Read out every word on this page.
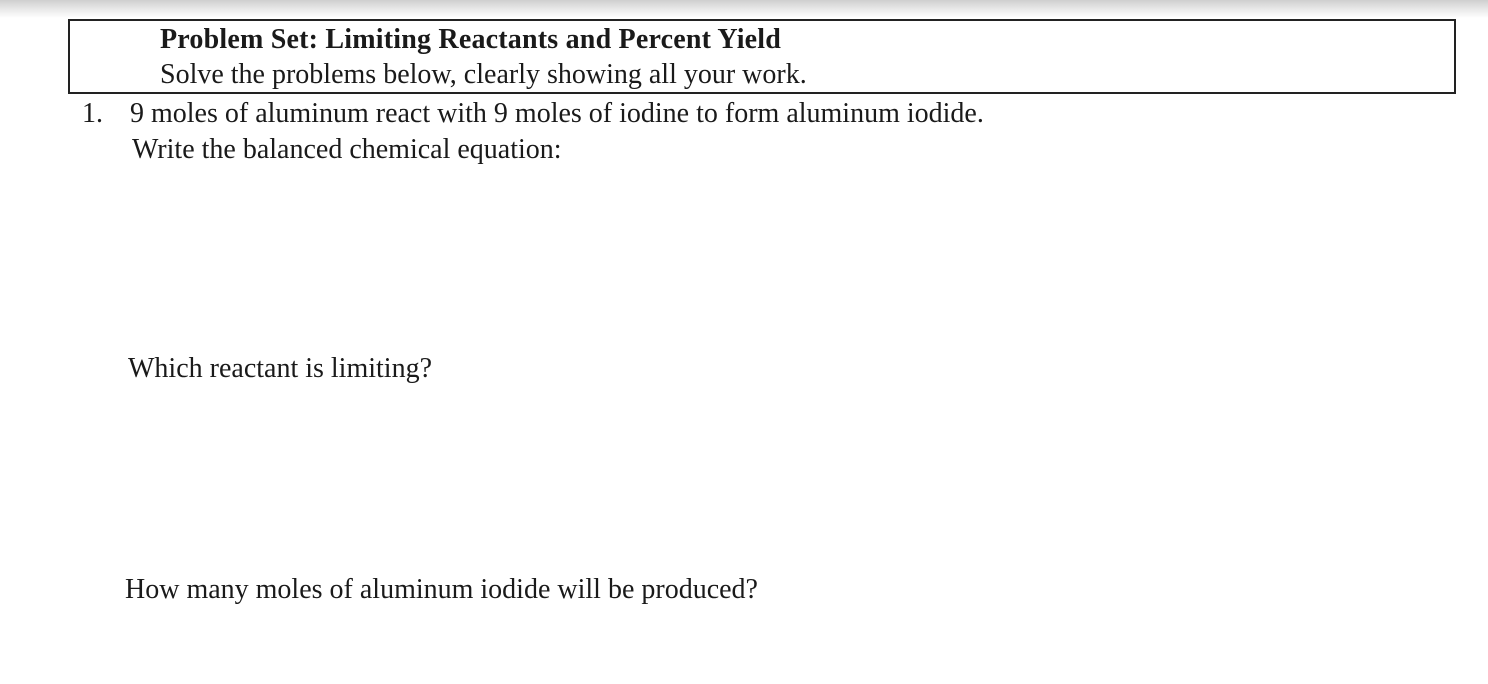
Problem Set: Limiting Reactants and Percent Yield
Solve the problems below, clearly showing all your work.
1. 9 moles of aluminum react with 9 moles of iodine to form aluminum iodide.
Write the balanced chemical equation:
Which reactant is limiting?
How many moles of aluminum iodide will be produced?
